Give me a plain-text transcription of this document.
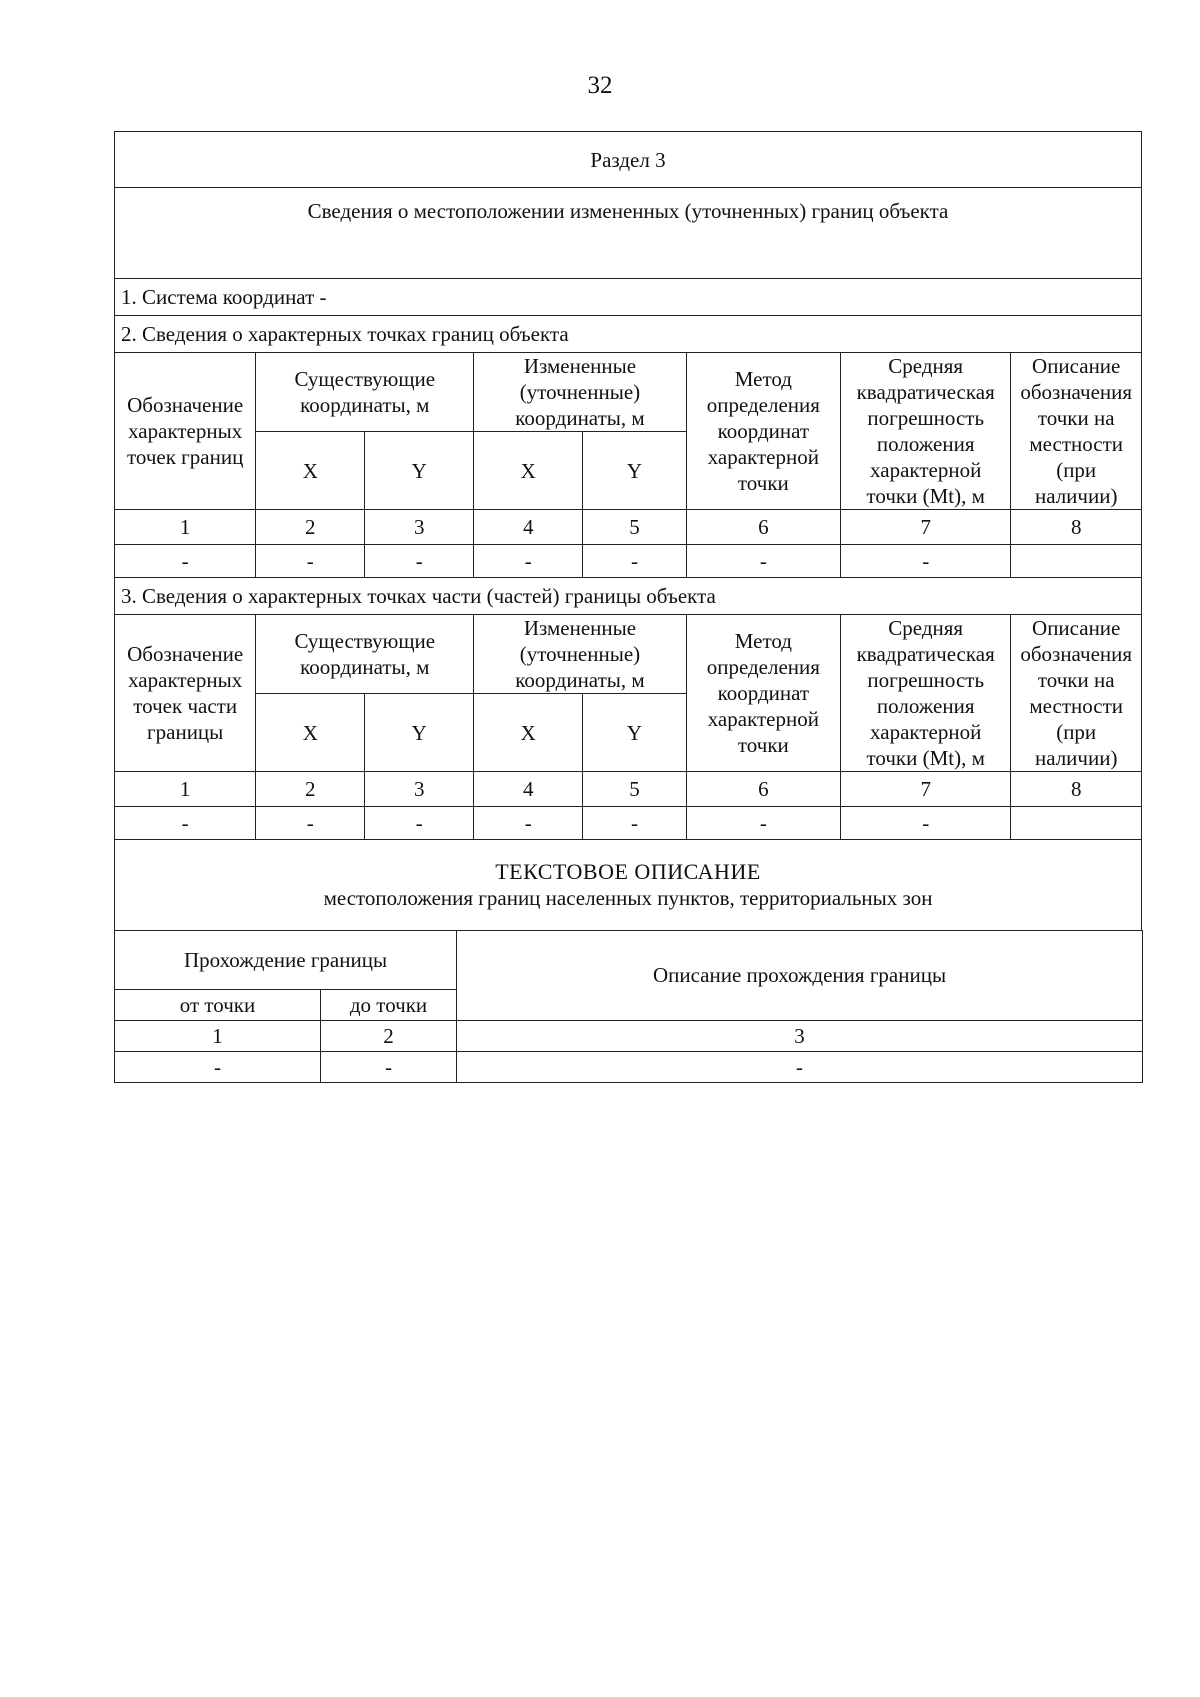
32
Раздел 3							
Сведения о местоположении измененных (уточненных) границ объекта							
1. Система координат -							
2. Сведения о характерных точках границ объекта							
Обозначение характерных точек границ	Существующие координаты, м		Измененные (уточненные) координаты, м		Метод определения координат характерной точки	Средняя квадратическая погрешность положения характерной точки (Mt), м	Описание обозначения точки на местности (при наличии)
	X	Y	X	Y			
1	2	3	4	5	6	7	8
-	-	-	-	-	-	-	
3. Сведения о характерных точках части (частей) границы объекта							
Обозначение характерных точек части границы	Существующие координаты, м		Измененные (уточненные) координаты, м		Метод определения координат характерной точки	Средняя квадратическая погрешность положения характерной точки (Mt), м	Описание обозначения точки на местности (при наличии)
	X	Y	X	Y			
1	2	3	4	5	6	7	8
-	-	-	-	-	-	-	

ТЕКСТОВОЕ ОПИСАНИЕ
местоположения границ населенных пунктов, территориальных зон							
Прохождение границы		Описание прохождения границы
от точки	до точки	
1	2	3
-	-	-
